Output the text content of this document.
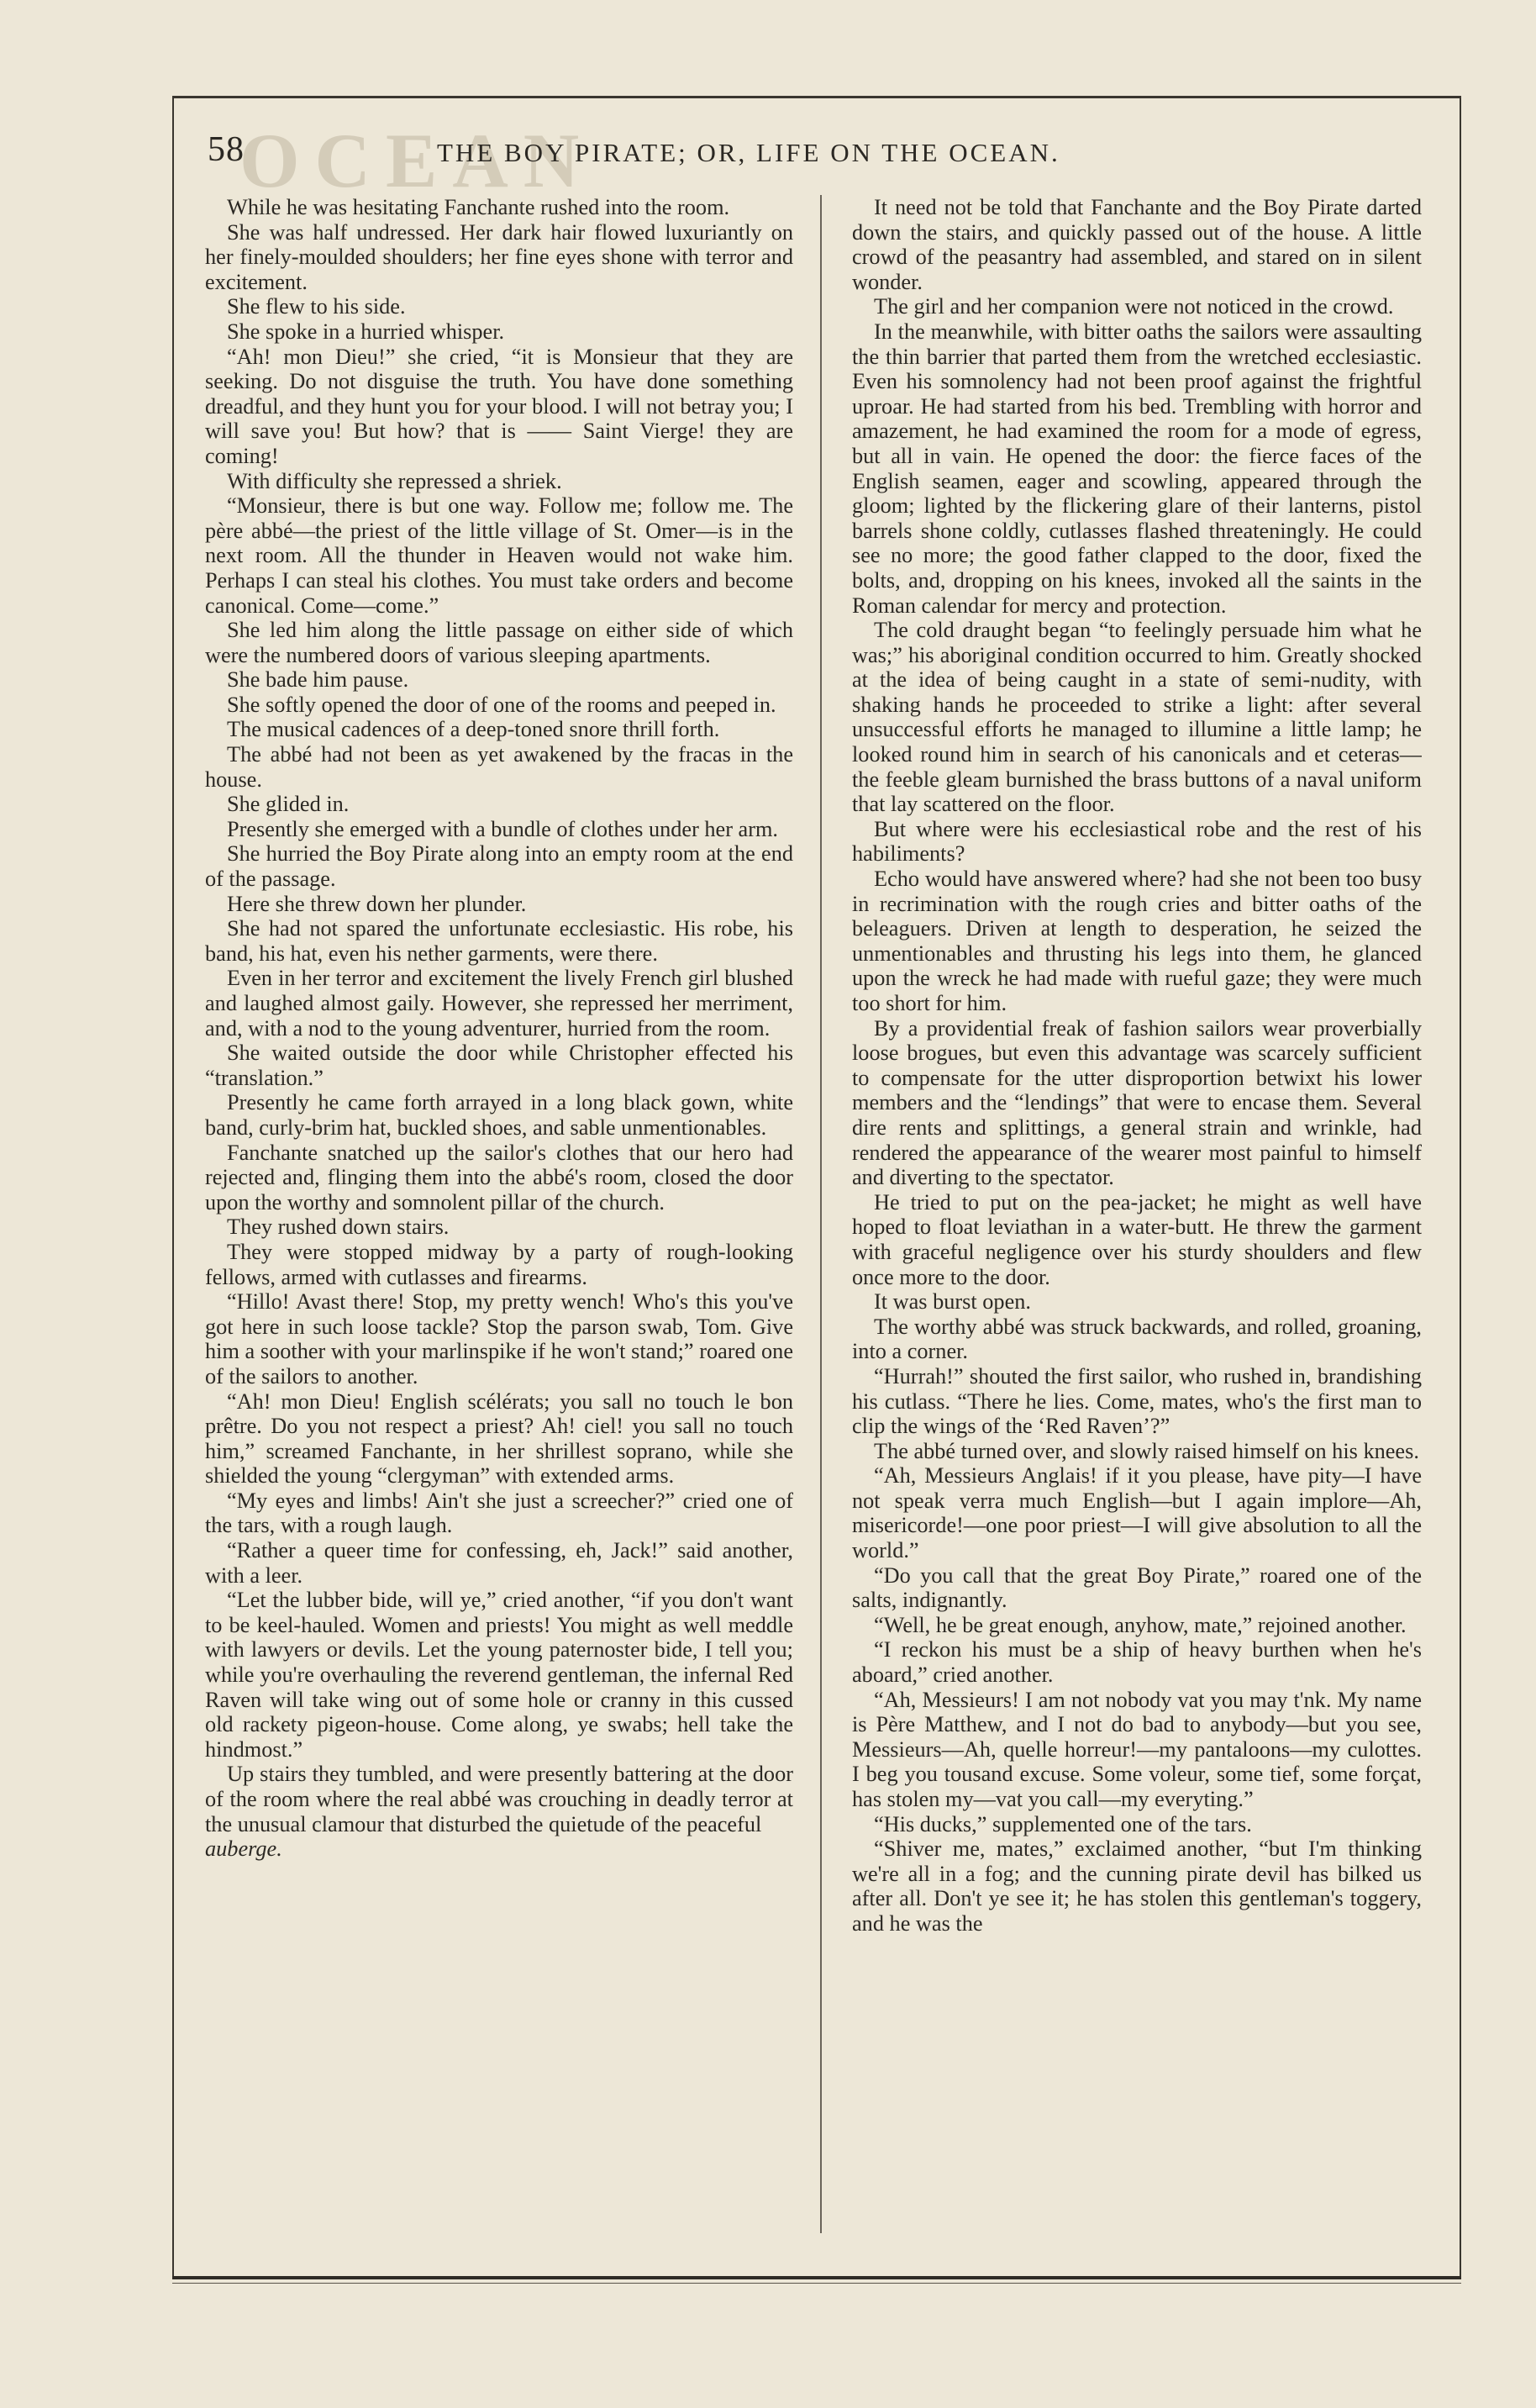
OCEAN
58	THE BOY PIRATE; OR, LIFE ON THE OCEAN.

While he was hesitating Fanchante rushed into the room.

She was half undressed. Her dark hair flowed luxuriantly on her finely-moulded shoulders; her fine eyes shone with terror and excitement.

She flew to his side.

She spoke in a hurried whisper.

“Ah! mon Dieu!” she cried, “it is Monsieur that they are seeking. Do not disguise the truth. You have done something dreadful, and they hunt you for your blood. I will not betray you; I will save you! But how? that is —— Saint Vierge! they are coming!

With difficulty she repressed a shriek.

“Monsieur, there is but one way. Follow me; follow me. The père abbé—the priest of the little village of St. Omer—is in the next room. All the thunder in Heaven would not wake him. Perhaps I can steal his clothes. You must take orders and become canonical. Come—come.”

She led him along the little passage on either side of which were the numbered doors of various sleeping apartments.

She bade him pause.

She softly opened the door of one of the rooms and peeped in.

The musical cadences of a deep-toned snore thrill forth.

The abbé had not been as yet awakened by the fracas in the house.

She glided in.

Presently she emerged with a bundle of clothes under her arm.

She hurried the Boy Pirate along into an empty room at the end of the passage.

Here she threw down her plunder.

She had not spared the unfortunate ecclesiastic. His robe, his band, his hat, even his nether garments, were there.

Even in her terror and excitement the lively French girl blushed and laughed almost gaily. However, she repressed her merriment, and, with a nod to the young adventurer, hurried from the room.

She waited outside the door while Christopher effected his “translation.”

Presently he came forth arrayed in a long black gown, white band, curly-brim hat, buckled shoes, and sable unmentionables.

Fanchante snatched up the sailor's clothes that our hero had rejected and, flinging them into the abbé's room, closed the door upon the worthy and somnolent pillar of the church.

They rushed down stairs.

They were stopped midway by a party of rough-looking fellows, armed with cutlasses and firearms.

“Hillo! Avast there! Stop, my pretty wench! Who's this you've got here in such loose tackle? Stop the parson swab, Tom. Give him a soother with your marlinspike if he won't stand;” roared one of the sailors to another.

“Ah! mon Dieu! English scélérats; you sall no touch le bon prêtre. Do you not respect a priest? Ah! ciel! you sall no touch him,” screamed Fanchante, in her shrillest soprano, while she shielded the young “clergyman” with extended arms.

“My eyes and limbs! Ain't she just a screecher?” cried one of the tars, with a rough laugh.

“Rather a queer time for confessing, eh, Jack!” said another, with a leer.

“Let the lubber bide, will ye,” cried another, “if you don't want to be keel-hauled. Women and priests! You might as well meddle with lawyers or devils. Let the young paternoster bide, I tell you; while you're overhauling the reverend gentleman, the infernal Red Raven will take wing out of some hole or cranny in this cussed old rackety pigeon-house. Come along, ye swabs; hell take the hindmost.”

Up stairs they tumbled, and were presently battering at the door of the room where the real abbé was crouching in deadly terror at the unusual clamour that disturbed the quietude of the peaceful

auberge.

It need not be told that Fanchante and the Boy Pirate darted down the stairs, and quickly passed out of the house. A little crowd of the peasantry had assembled, and stared on in silent wonder.

The girl and her companion were not noticed in the crowd.

In the meanwhile, with bitter oaths the sailors were assaulting the thin barrier that parted them from the wretched ecclesiastic. Even his somnolency had not been proof against the frightful uproar. He had started from his bed. Trembling with horror and amazement, he had examined the room for a mode of egress, but all in vain. He opened the door: the fierce faces of the English seamen, eager and scowling, appeared through the gloom; lighted by the flickering glare of their lanterns, pistol barrels shone coldly, cutlasses flashed threateningly. He could see no more; the good father clapped to the door, fixed the bolts, and, dropping on his knees, invoked all the saints in the Roman calendar for mercy and protection.

The cold draught began “to feelingly persuade him what he was;” his aboriginal condition occurred to him. Greatly shocked at the idea of being caught in a state of semi-nudity, with shaking hands he proceeded to strike a light: after several unsuccessful efforts he managed to illumine a little lamp; he looked round him in search of his canonicals and et ceteras—the feeble gleam burnished the brass buttons of a naval uniform that lay scattered on the floor.

But where were his ecclesiastical robe and the rest of his habiliments?

Echo would have answered where? had she not been too busy in recrimination with the rough cries and bitter oaths of the beleaguers. Driven at length to desperation, he seized the unmentionables and thrusting his legs into them, he glanced upon the wreck he had made with rueful gaze; they were much too short for him.

By a providential freak of fashion sailors wear proverbially loose brogues, but even this advantage was scarcely sufficient to compensate for the utter disproportion betwixt his lower members and the “lendings” that were to encase them. Several dire rents and splittings, a general strain and wrinkle, had rendered the appearance of the wearer most painful to himself and diverting to the spectator.

He tried to put on the pea-jacket; he might as well have hoped to float leviathan in a water-butt. He threw the garment with graceful negligence over his sturdy shoulders and flew once more to the door.

It was burst open.

The worthy abbé was struck backwards, and rolled, groaning, into a corner.

“Hurrah!” shouted the first sailor, who rushed in, brandishing his cutlass. “There he lies. Come, mates, who's the first man to clip the wings of the ‘Red Raven’?”

The abbé turned over, and slowly raised himself on his knees.

“Ah, Messieurs Anglais! if it you please, have pity—I have not speak verra much English—but I again implore—Ah, misericorde!—one poor priest—I will give absolution to all the world.”

“Do you call that the great Boy Pirate,” roared one of the salts, indignantly.

“Well, he be great enough, anyhow, mate,” rejoined another.

“I reckon his must be a ship of heavy burthen when he's aboard,” cried another.

“Ah, Messieurs! I am not nobody vat you may t'nk. My name is Père Matthew, and I not do bad to anybody—but you see, Messieurs—Ah, quelle horreur!—my pantaloons—my culottes. I beg you tousand excuse. Some voleur, some tief, some forçat, has stolen my—vat you call—my everyting.”

“His ducks,” supplemented one of the tars.

“Shiver me, mates,” exclaimed another, “but I'm thinking we're all in a fog; and the cunning pirate devil has bilked us after all. Don't ye see it; he has stolen this gentleman's toggery, and he was the
